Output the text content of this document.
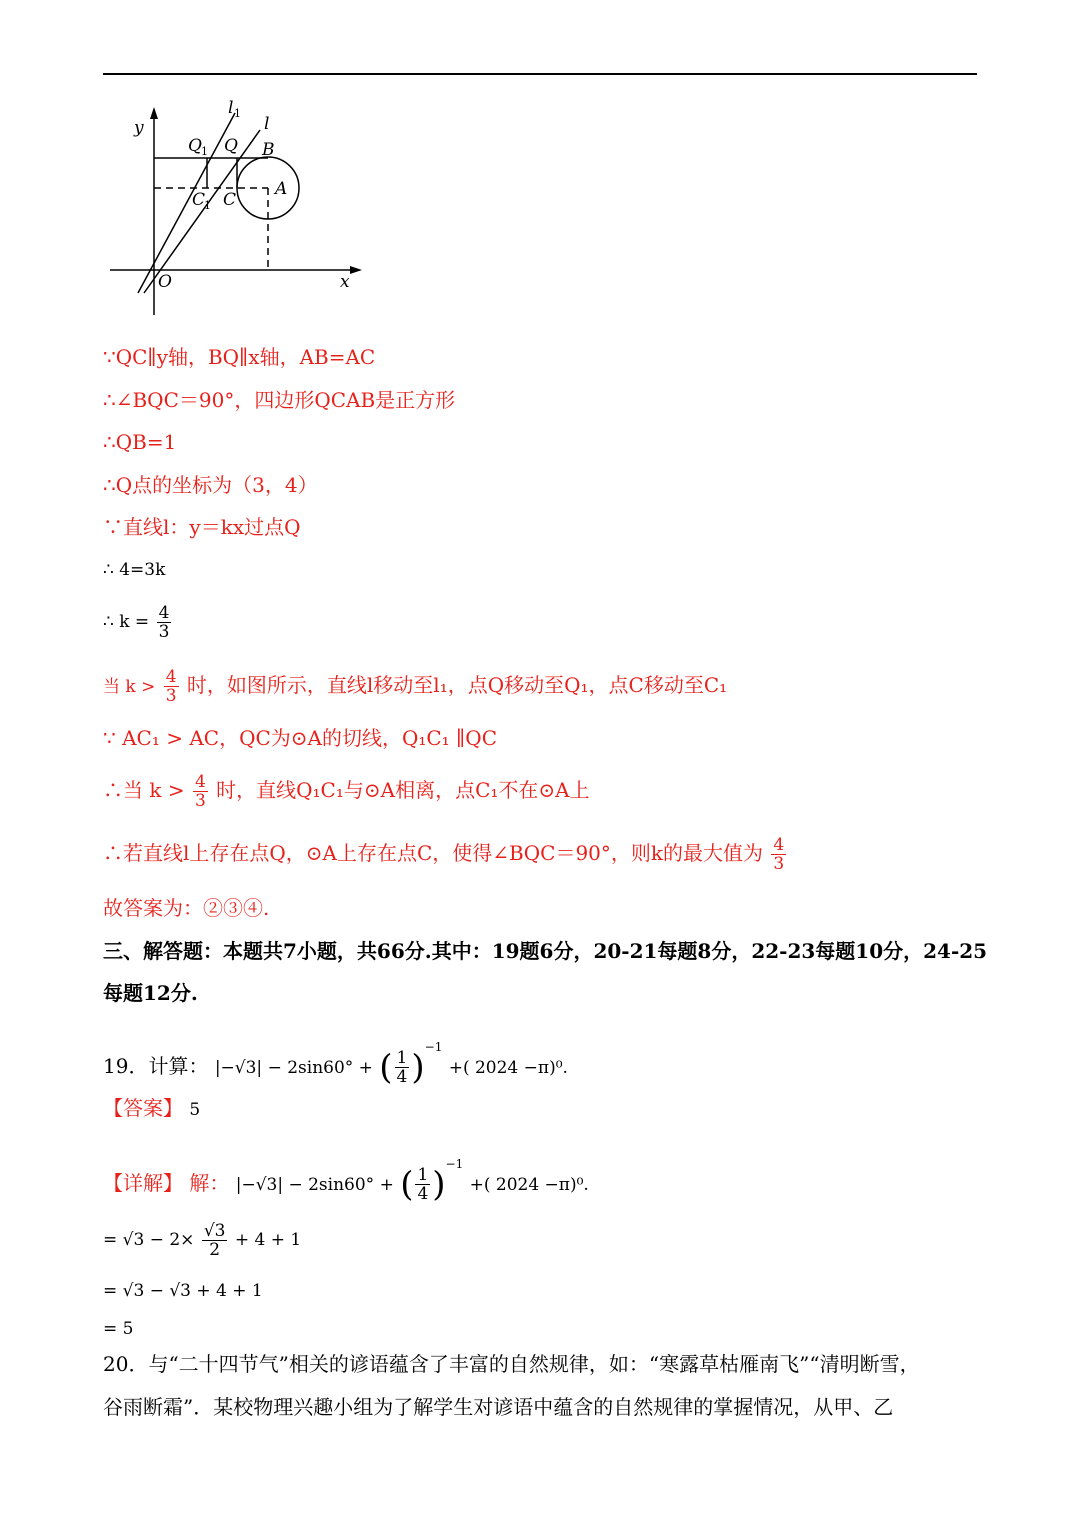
y
x
l 1
l
Q 1 Q B
C
1 C
A
O
∵QC∥y轴，BQ∥x轴，AB=AC
∴∠BQC＝90°，四边形QCAB是正方形
∴QB=1
∴Q点的坐标为（3，4）
∵直线l：y＝kx过点Q
∴ 4=3k
∴ $k = \frac{4}{3}$
当 $k > \frac{4}{3}$ 时，如图所示，直线l移动至l₁，点Q移动至Q₁，点C移动至C₁
∵ AC₁ > AC，QC为⊙A的切线，Q₁C₁ ∥QC
∴当 $k > \frac{4}{3}$ 时，直线Q₁C₁与⊙A相离，点C₁不在⊙A上
∴若直线l上存在点Q，⊙A上存在点C，使得∠BQC＝90°，则k的最大值为 $\frac{4}{3}$
故答案为：②③④.
三、解答题：本题共7小题，共66分.其中：19题6分，20-21每题8分，22-23每题10分，24-25
每题12分.
19．计算： |−√3| − 2sin60° + ( $\frac{1}{4} )^{-1}$ +( 2024 −π)⁰.
【答案】 5
【详解】 解： |−√3| − 2sin60° + ( $\frac{1}{4} )^{-1}$ +( 2024 −π)⁰.
= $√3 - 2\times \frac{√3}{2} + 4 + 1$
= √3 − √3 + 4 + 1
= 5
20．与“二十四节气”相关的谚语蕴含了丰富的自然规律，如：“寒露草枯雁南飞”“清明断雪，
谷雨断霜”．某校物理兴趣小组为了解学生对谚语中蕴含的自然规律的掌握情况，从甲、乙
